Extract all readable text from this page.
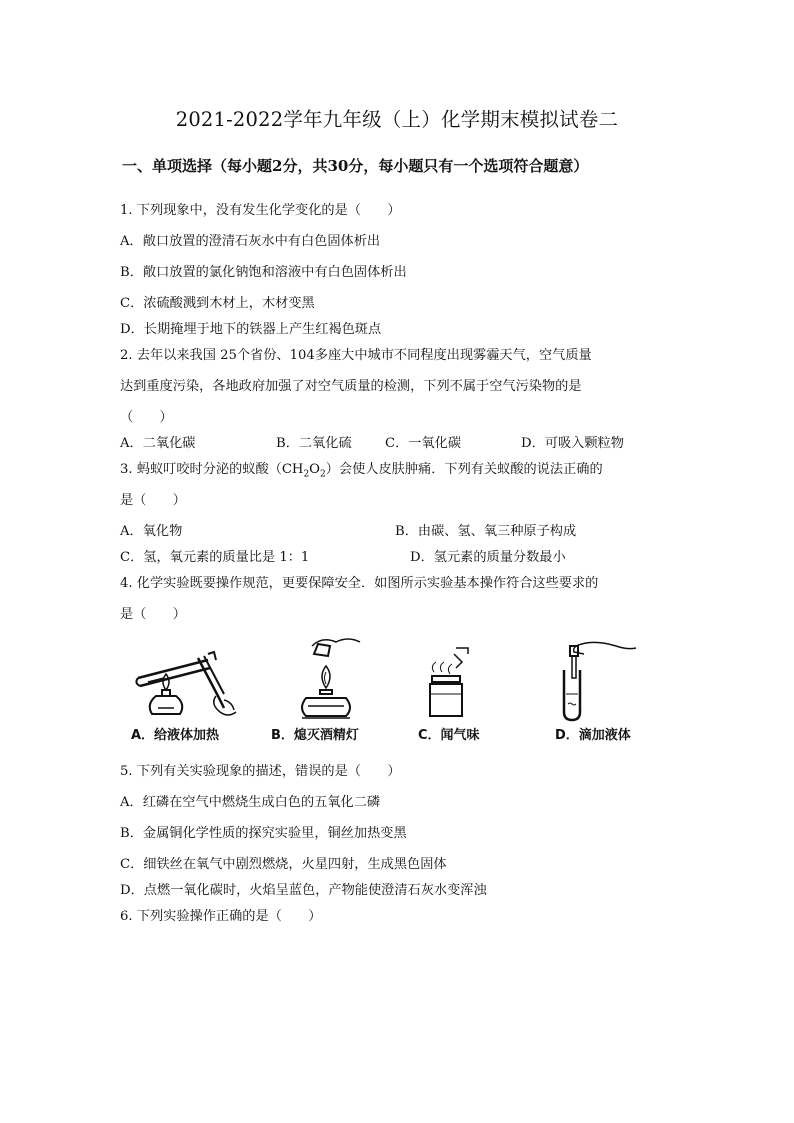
2021-2022学年九年级（上）化学期末模拟试卷二
一、单项选择（每小题2分，共30分，每小题只有一个选项符合题意）
1. 下列现象中，没有发生化学变化的是（　　）
A．敞口放置的澄清石灰水中有白色固体析出
B．敞口放置的氯化钠饱和溶液中有白色固体析出
C．浓硫酸溅到木材上，木材变黑
D．长期掩埋于地下的铁器上产生红褐色斑点
2. 去年以来我国 25个省份、104多座大中城市不同程度出现雾霾天气，空气质量
达到重度污染，各地政府加强了对空气质量的检测，下列不属于空气污染物的是
（　　）
A．二氧化碳	B．二氧化硫	C．一氧化碳	D．可吸入颗粒物
3. 蚂蚁叮咬时分泌的蚁酸$(CH_2O_2)$会使人皮肤肿痛．下列有关蚁酸的说法正确的
是（　　）
A．氧化物	B．由碳、氢、氧三种原子构成
C．氢，氧元素的质量比是 1：1	D．氢元素的质量分数最小
4. 化学实验既要操作规范，更要保障安全．如图所示实验基本操作符合这些要求的
是（　　）
A．给液体加热	B．熄灭酒精灯	C．闻气味	D．滴加液体
5. 下列有关实验现象的描述，错误的是（　　）
A．红磷在空气中燃烧生成白色的五氧化二磷
B．金属铜化学性质的探究实验里，铜丝加热变黑
C．细铁丝在氧气中剧烈燃烧，火星四射，生成黑色固体
D．点燃一氧化碳时，火焰呈蓝色，产物能使澄清石灰水变浑浊
6. 下列实验操作正确的是（　　）
